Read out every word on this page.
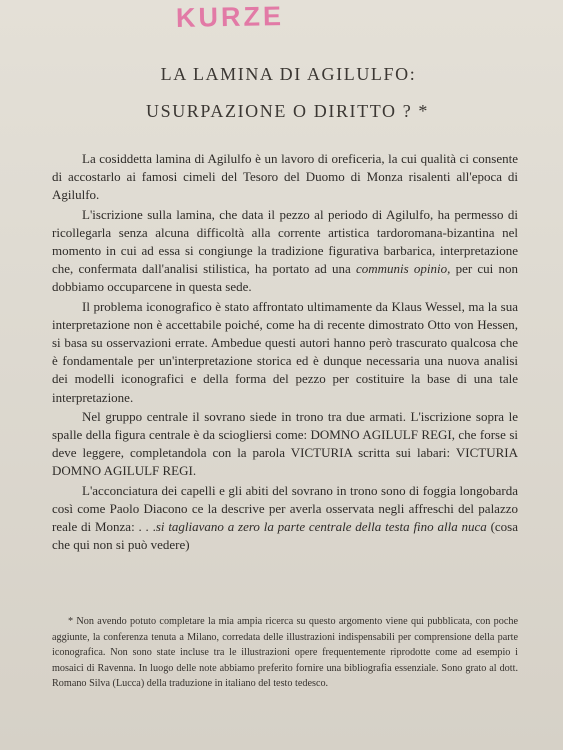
KURZE
LA LAMINA DI AGILULFO:
USURPAZIONE O DIRITTO ? *

La cosiddetta lamina di Agilulfo è un lavoro di oreficeria, la cui qualità ci consente di accostarlo ai famosi cimeli del Tesoro del Duomo di Monza risalenti all'epoca di Agilulfo.

L'iscrizione sulla lamina, che data il pezzo al periodo di Agilulfo, ha permesso di ricollegarla senza alcuna difficoltà alla corrente artistica tardoromana-bizantina nel momento in cui ad essa si congiunge la tradizione figurativa barbarica, interpretazione che, confermata dall'analisi stilistica, ha portato ad una communis opinio, per cui non dobbiamo occuparcene in questa sede.

Il problema iconografico è stato affrontato ultimamente da Klaus Wessel, ma la sua interpretazione non è accettabile poiché, come ha di recente dimostrato Otto von Hessen, si basa su osservazioni errate. Ambedue questi autori hanno però trascurato qualcosa che è fondamentale per un'interpretazione storica ed è dunque necessaria una nuova analisi dei modelli iconografici e della forma del pezzo per costituire la base di una tale interpretazione.

Nel gruppo centrale il sovrano siede in trono tra due armati. L'iscrizione sopra le spalle della figura centrale è da sciogliersi come: DOMNO AGILULF REGI, che forse si deve leggere, completandola con la parola VICTURIA scritta sui labari: VICTURIA DOMNO AGILULF REGI.

L'acconciatura dei capelli e gli abiti del sovrano in trono sono di foggia longobarda così come Paolo Diacono ce la descrive per averla osservata negli affreschi del palazzo reale di Monza: . . .si tagliavano a zero la parte centrale della testa fino alla nuca (cosa che qui non si può vedere)

* Non avendo potuto completare la mia ampia ricerca su questo argomento viene qui pubblicata, con poche aggiunte, la conferenza tenuta a Milano, corredata delle illustrazioni indispensabili per comprensione della parte iconografica. Non sono state incluse tra le illustrazioni opere frequentemente riprodotte come ad esempio i mosaici di Ravenna. In luogo delle note abbiamo preferito fornire una bibliografia essenziale. Sono grato al dott. Romano Silva (Lucca) della traduzione in italiano del testo tedesco.
